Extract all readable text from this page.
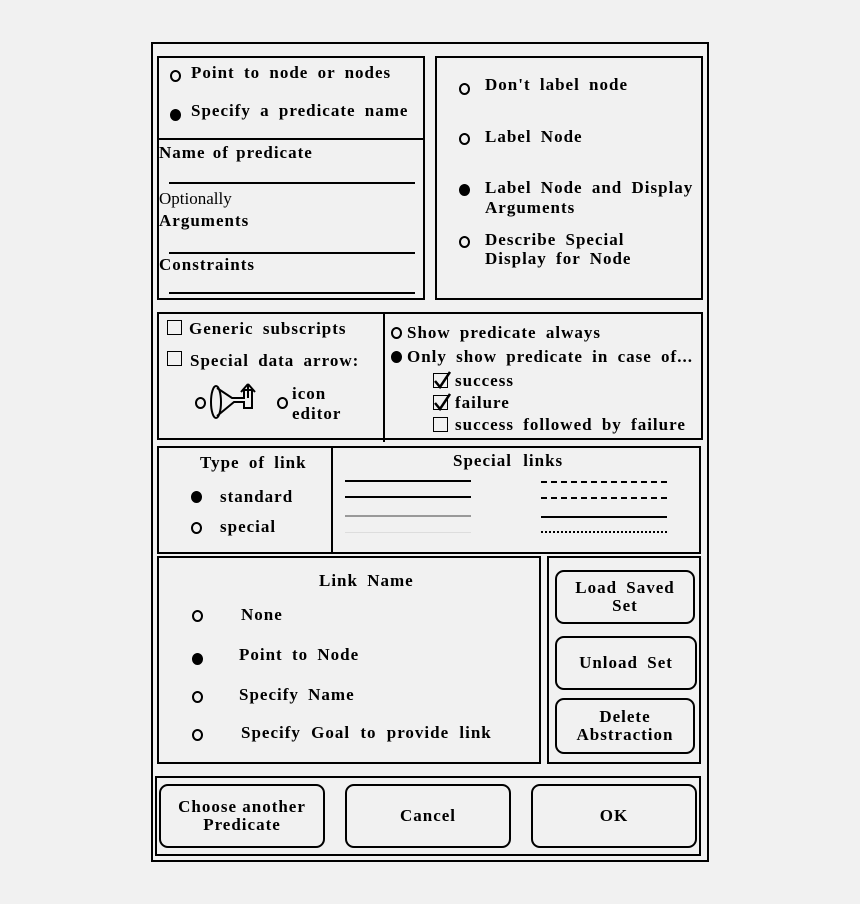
Point to node or nodes
Specify a predicate name
Name of predicate
Optionally
Arguments
Constraints
Don't label node
Label Node
Label Node and Display
Arguments
Describe Special
Display for Node
Generic subscripts
Special data arrow:
icon
editor
Show predicate always
Only show predicate in case of...
success
failure
success followed by failure
Type of link
standard
special
Special links
Link Name
None
Point to Node
Specify Name
Specify Goal to provide link
Load Saved
Set
Unload Set
Delete
Abstraction
Choose another
Predicate	Cancel	OK
